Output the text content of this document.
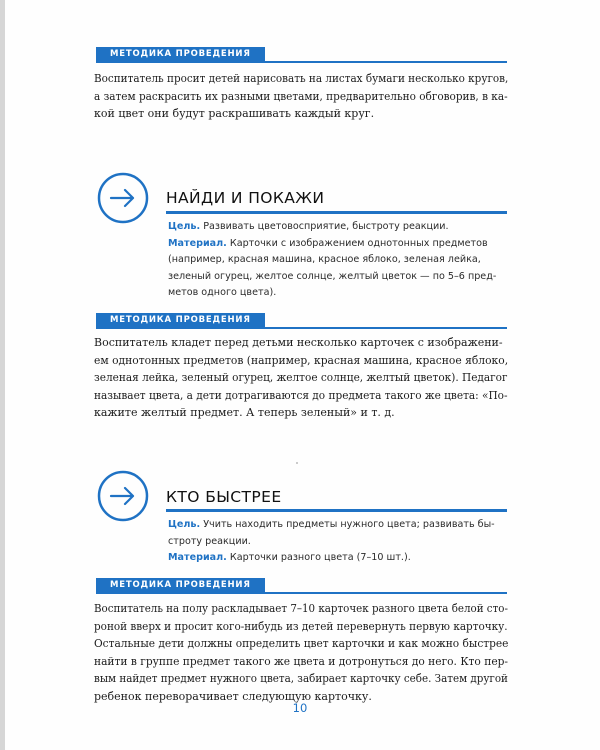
МЕТОДИКА ПРОВЕДЕНИЯ
Воспитатель просит детей нарисовать на листах бумаги несколько кругов,
а затем раскрасить их разными цветами, предварительно обговорив, в ка-
кой цвет они будут раскрашивать каждый круг.
НАЙДИ И ПОКАЖИ
Цель. Развивать цветовосприятие, быстроту реакции.
Материал. Карточки с изображением однотонных предметов
(например, красная машина, красное яблоко, зеленая лейка,
зеленый огурец, желтое солнце, желтый цветок — по 5–6 пред-
метов одного цвета).
МЕТОДИКА ПРОВЕДЕНИЯ
Воспитатель кладет перед детьми несколько карточек с изображени-
ем однотонных предметов (например, красная машина, красное яблоко,
зеленая лейка, зеленый огурец, желтое солнце, желтый цветок). Педагог
называет цвета, а дети дотрагиваются до предмета такого же цвета: «По-
кажите желтый предмет. А теперь зеленый» и т. д.
КТО БЫСТРЕЕ
Цель. Учить находить предметы нужного цвета; развивать бы-
строту реакции.
Материал. Карточки разного цвета (7–10 шт.).
МЕТОДИКА ПРОВЕДЕНИЯ
Воспитатель на полу раскладывает 7–10 карточек разного цвета белой сто-
роной вверх и просит кого-нибудь из детей перевернуть первую карточку.
Остальные дети должны определить цвет карточки и как можно быстрее
найти в группе предмет такого же цвета и дотронуться до него. Кто пер-
вым найдет предмет нужного цвета, забирает карточку себе. Затем другой
ребенок переворачивает следующую карточку.
10
